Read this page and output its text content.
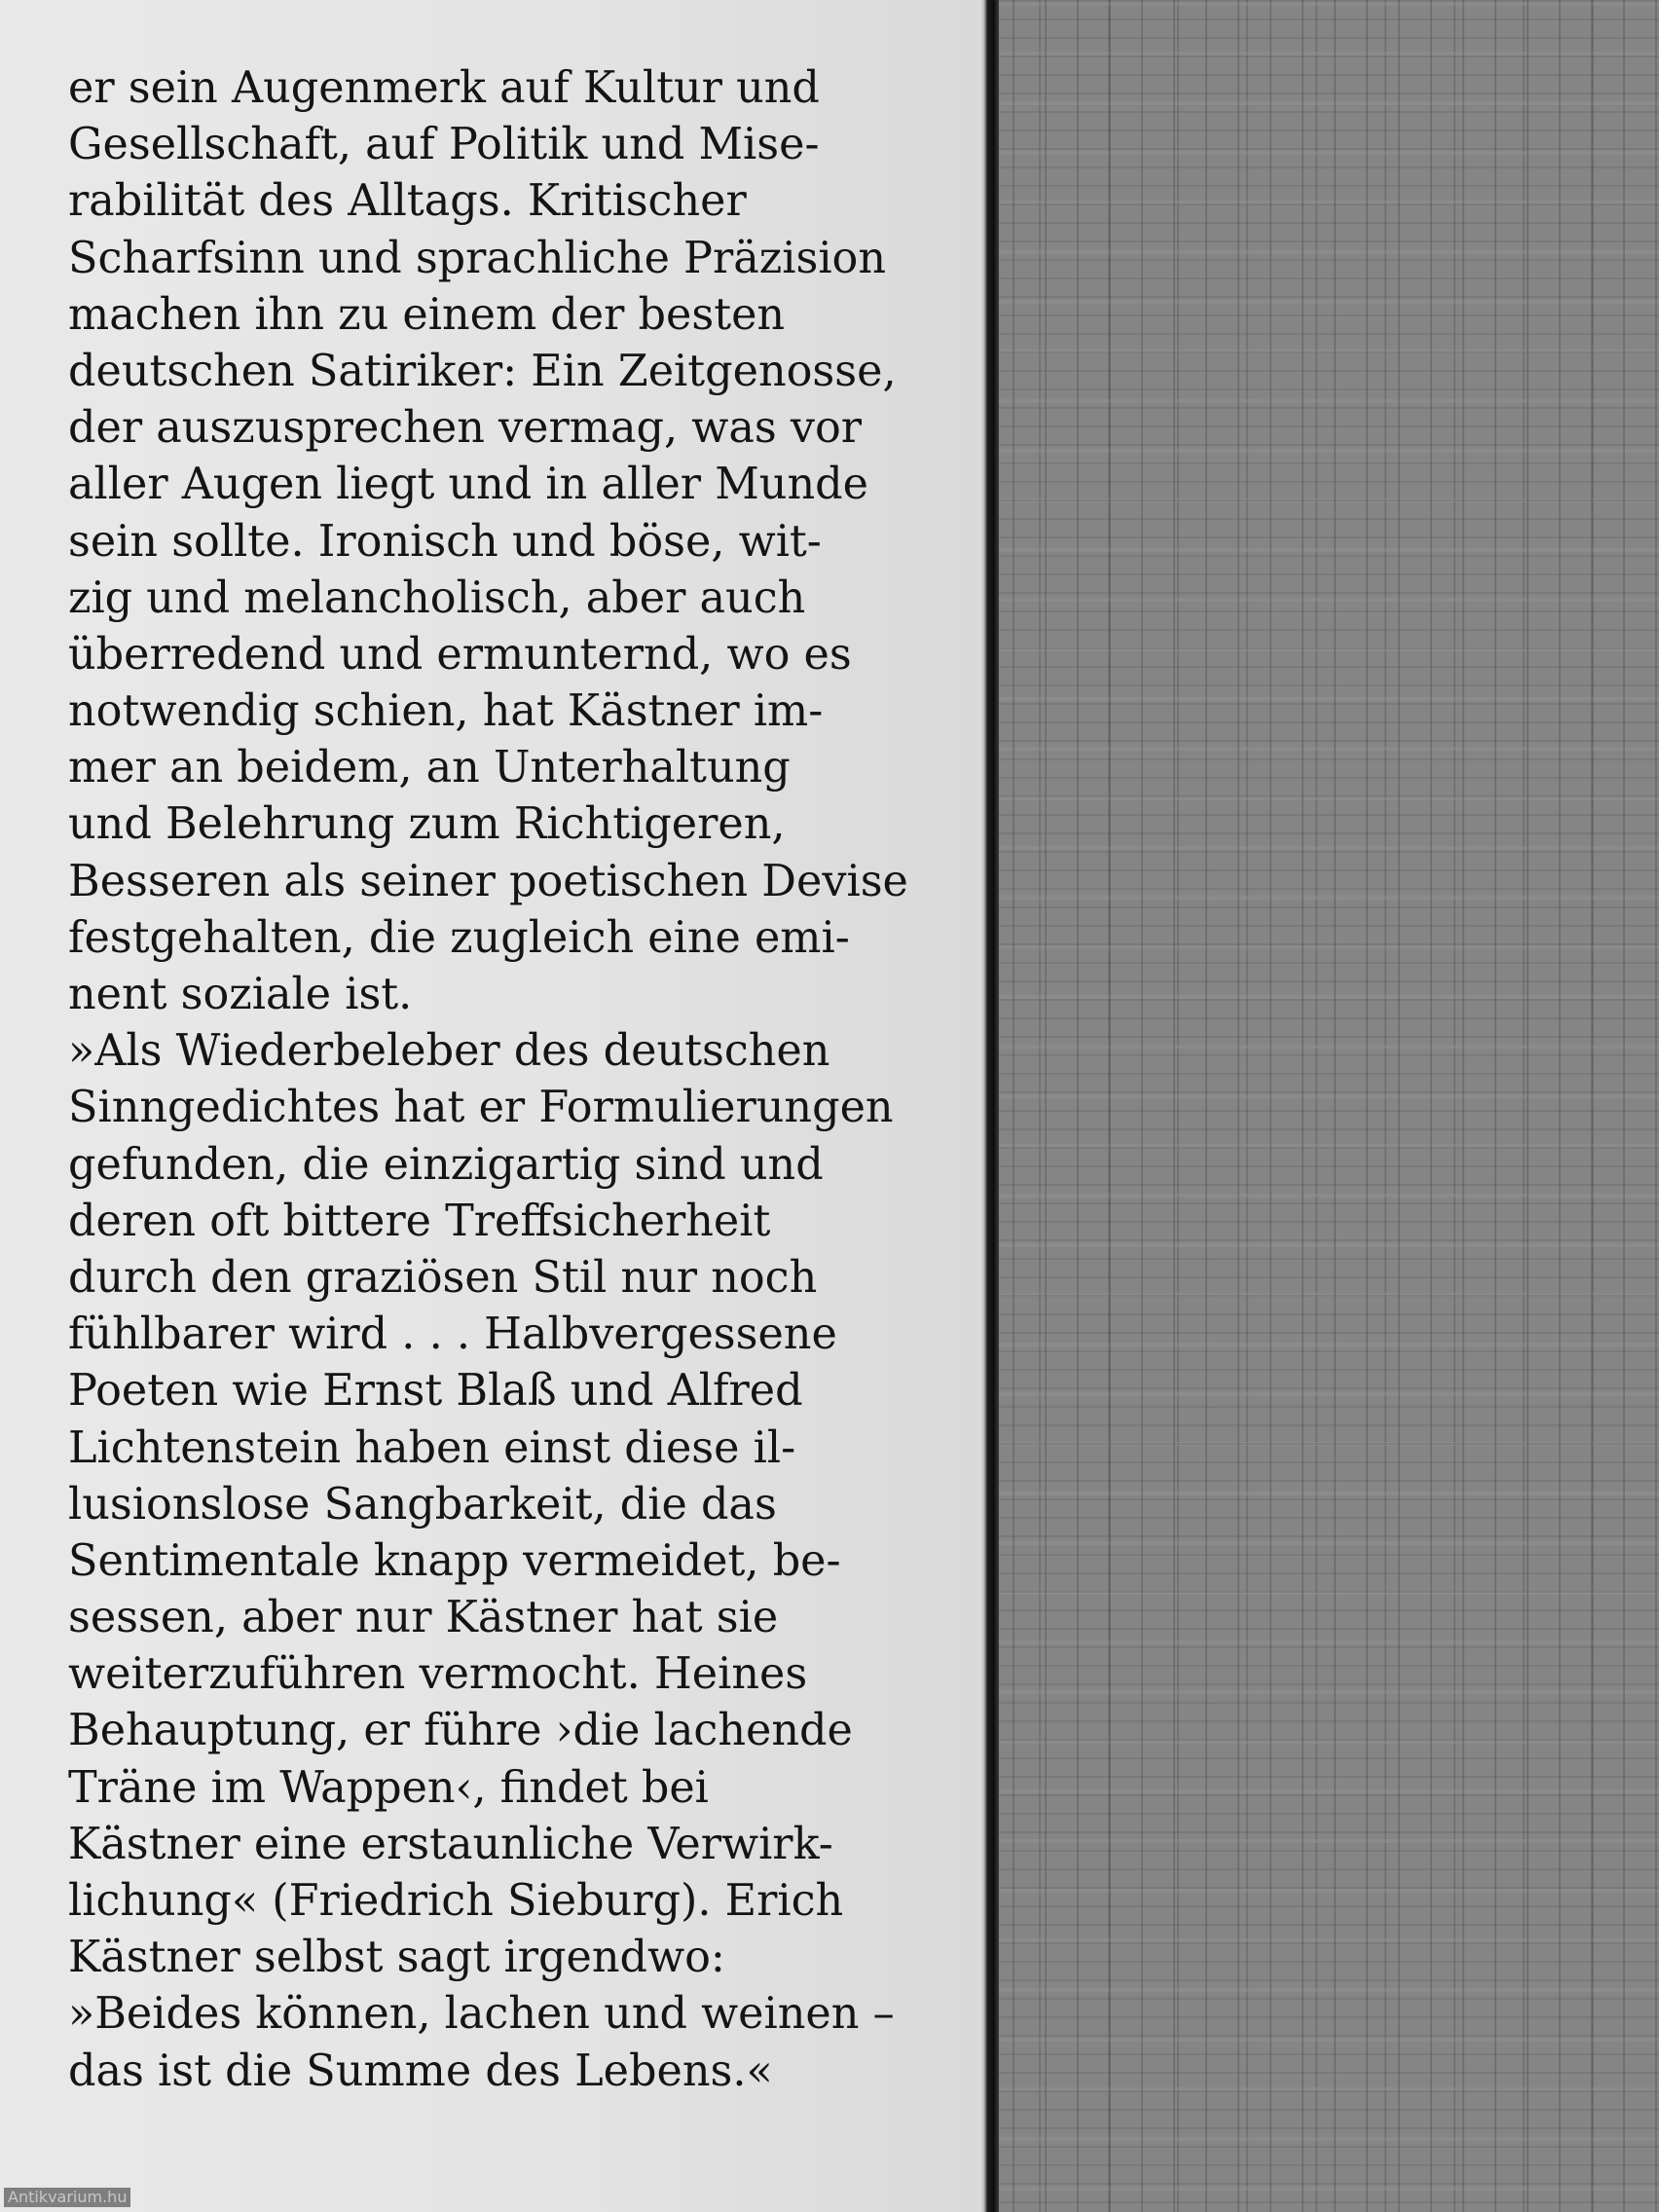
er sein Augenmerk auf Kultur und
Gesellschaft, auf Politik und Mise-
rabilität des Alltags. Kritischer
Scharfsinn und sprachliche Präzision
machen ihn zu einem der besten
deutschen Satiriker: Ein Zeitgenosse,
der auszusprechen vermag, was vor
aller Augen liegt und in aller Munde
sein sollte. Ironisch und böse, wit-
zig und melancholisch, aber auch
überredend und ermunternd, wo es
notwendig schien, hat Kästner im-
mer an beidem, an Unterhaltung
und Belehrung zum Richtigeren,
Besseren als seiner poetischen Devise
festgehalten, die zugleich eine emi-
nent soziale ist.
»Als Wiederbeleber des deutschen
Sinngedichtes hat er Formulierungen
gefunden, die einzigartig sind und
deren oft bittere Treffsicherheit
durch den graziösen Stil nur noch
fühlbarer wird . . . Halbvergessene
Poeten wie Ernst Blaß und Alfred
Lichtenstein haben einst diese il-
lusionslose Sangbarkeit, die das
Sentimentale knapp vermeidet, be-
sessen, aber nur Kästner hat sie
weiterzuführen vermocht. Heines
Behauptung, er führe ›die lachende
Träne im Wappen‹, findet bei
Kästner eine erstaunliche Verwirk-
lichung« (Friedrich Sieburg). Erich
Kästner selbst sagt irgendwo:
»Beides können, lachen und weinen –
das ist die Summe des Lebens.«
Antikvarium.hu
